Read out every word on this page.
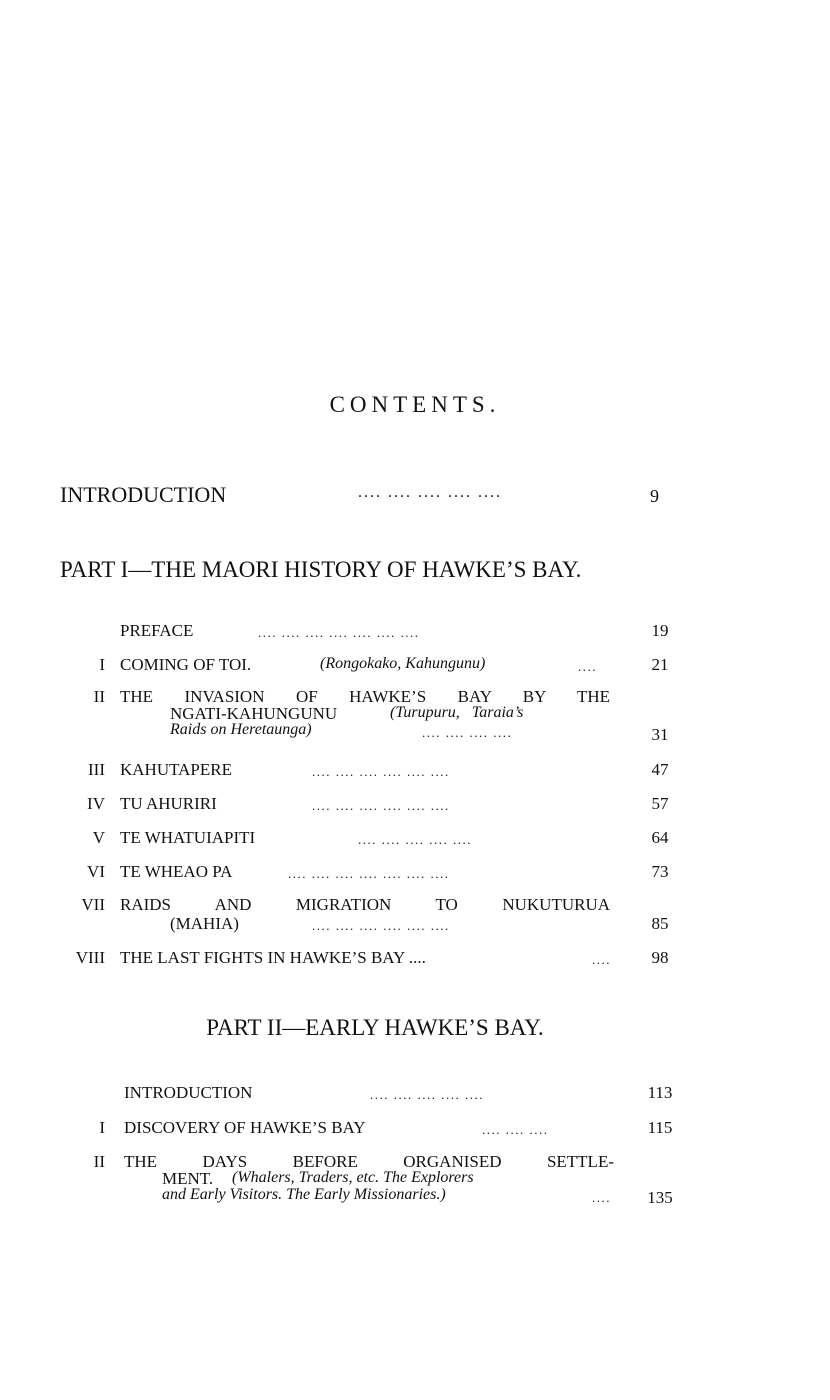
CONTENTS.
INTRODUCTION	.... .... .... .... ....	9
PART I—THE MAORI HISTORY OF HAWKE’S BAY.
PREFACE	.... .... .... .... .... .... ....	19
I COMING OF TOI.	(Rongokako, Kahungunu)	....	21
II THE INVASION OF HAWKE’S BAY BY THE
NGATI-KAHUNGUNU	(Turupuru,   Taraia’s
Raids on Heretaunga)	.... .... .... ....	31
III KAHUTAPERE	.... .... .... .... .... ....	47
IV TU AHURIRI	.... .... .... .... .... ....	57
V TE WHATUIAPITI	.... .... .... .... ....	64
VI TE WHEAO PA	.... .... .... .... .... .... ....	73
VII RAIDS AND MIGRATION TO NUKUTURUA
(MAHIA)	.... .... .... .... .... ....	85
VIII THE LAST FIGHTS IN HAWKE’S BAY ....	....	98
PART II—EARLY HAWKE’S BAY.
INTRODUCTION	.... .... .... .... ....	113
I DISCOVERY OF HAWKE’S BAY	.... .... ....	115
II THE DAYS BEFORE ORGANISED SETTLE-
MENT. (Whalers, Traders, etc. The Explorers
and Early Visitors. The Early Missionaries.)	....	135
